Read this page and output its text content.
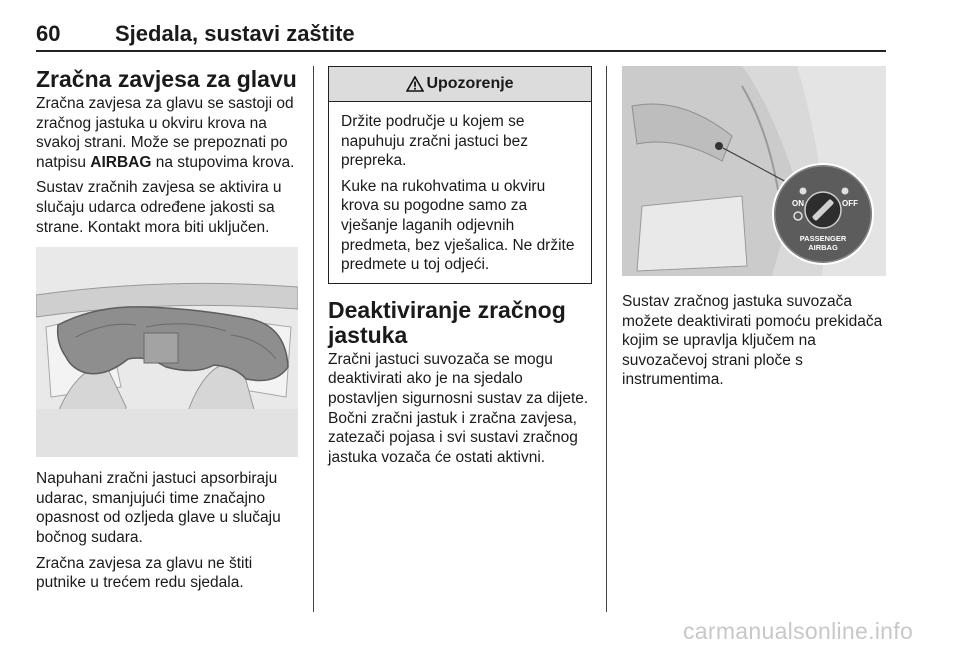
60 Sjedala, sustavi zaštite
Zračna zavjesa za glavu

Zračna zavjesa za glavu se sastoji od zračnog jastuka u okviru krova na svakoj strani. Može se prepoznati po natpisu AIRBAG na stupovima krova.

Sustav zračnih zavjesa se aktivira u slučaju udarca određene jakosti sa strane. Kontakt mora biti uključen.

Napuhani zračni jastuci apsorbiraju udarac, smanjujući time značajno opasnost od ozljeda glave u slučaju bočnog sudara.

Zračna zavjesa za glavu ne štiti putnike u trećem redu sjedala.

Upozorenje

Držite područje u kojem se napuhuju zračni jastuci bez prepreka.

Kuke na rukohvatima u okviru krova su pogodne samo za vješanje laganih odjevnih predmeta, bez vješalica. Ne držite predmete u toj odjeći.

Deaktiviranje zračnog jastuka

Zračni jastuci suvozača se mogu deaktivirati ako je na sjedalo postavljen sigurnosni sustav za dijete. Bočni zračni jastuk i zračna zavjesa, zatezači pojasa i svi sustavi zračnog jastuka vozača će ostati aktivni.

ON	OFF
PASSENGER
AIRBAG

Sustav zračnog jastuka suvozača možete deaktivirati pomoću prekidača kojim se upravlja ključem na suvozačevoj strani ploče s instrumentima.

carmanualsonline.info
